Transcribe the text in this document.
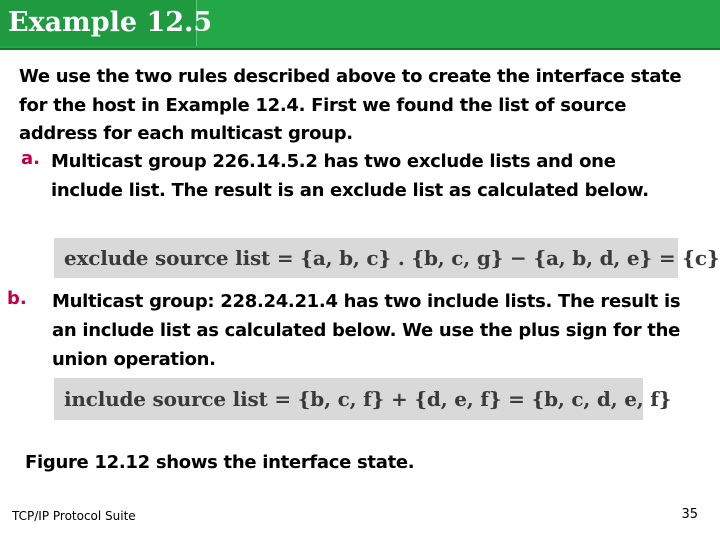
Example 12.5
We use the two rules described above to create the interface state for the host in Example 12.4. First we found the list of source address for each multicast group.
a. Multicast group 226.14.5.2 has two exclude lists and one include list. The result is an exclude list as calculated below.
exclude source list = {a, b, c} . {b, c, g} − {a, b, d, e} = {c}
b. Multicast group: 228.24.21.4 has two include lists. The result is an include list as calculated below. We use the plus sign for the union operation.
include source list = {b, c, f} + {d, e, f} = {b, c, d, e, f}
Figure 12.12 shows the interface state.
TCP/IP Protocol Suite	35
